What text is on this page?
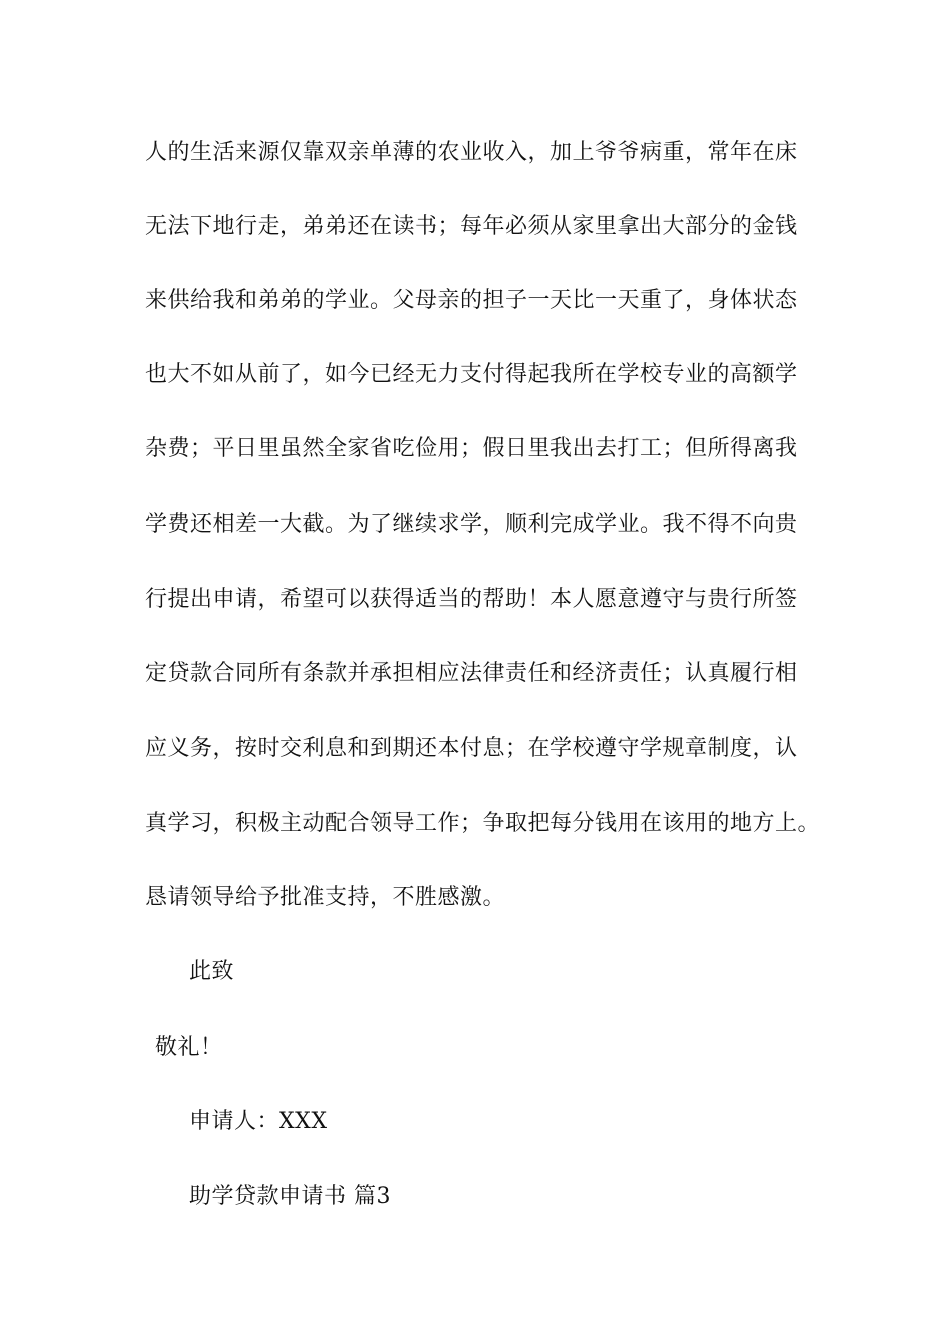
人的生活来源仅靠双亲单薄的农业收入，加上爷爷病重，常年在床
无法下地行走，弟弟还在读书；每年必须从家里拿出大部分的金钱
来供给我和弟弟的学业。父母亲的担子一天比一天重了，身体状态
也大不如从前了，如今已经无力支付得起我所在学校专业的高额学
杂费；平日里虽然全家省吃俭用；假日里我出去打工；但所得离我
学费还相差一大截。为了继续求学，顺利完成学业。我不得不向贵
行提出申请，希望可以获得适当的帮助！本人愿意遵守与贵行所签
定贷款合同所有条款并承担相应法律责任和经济责任；认真履行相
应义务，按时交利息和到期还本付息；在学校遵守学规章制度，认
真学习，积极主动配合领导工作；争取把每分钱用在该用的地方上。
恳请领导给予批准支持，不胜感激。
此致
敬礼！
申请人：XXX
助学贷款申请书 篇3
